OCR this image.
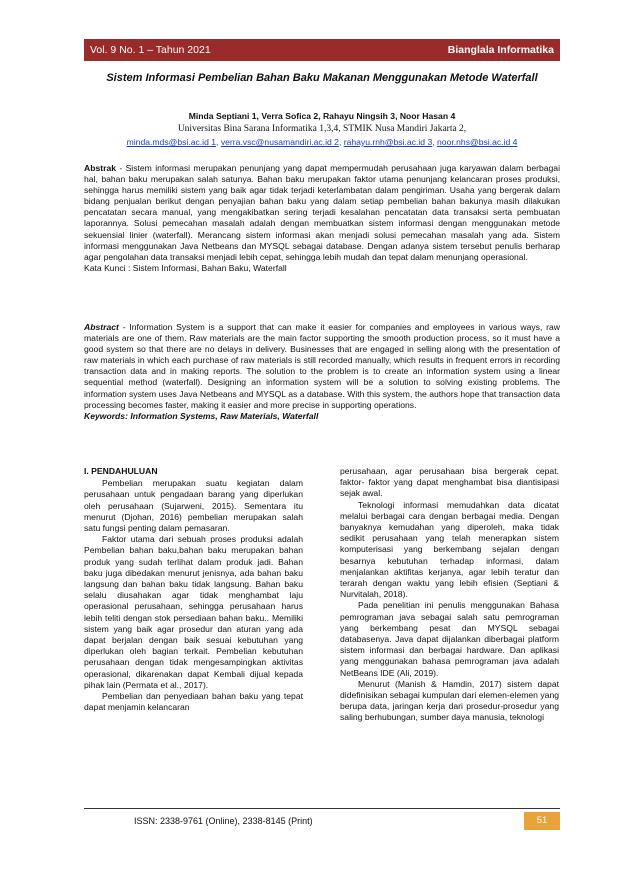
Vol. 9 No. 1 – Tahun 2021	Bianglala Informatika
Sistem Informasi Pembelian Bahan Baku Makanan Menggunakan Metode Waterfall
Minda Septiani 1, Verra Sofica 2, Rahayu Ningsih 3, Noor Hasan 4
Universitas Bina Sarana Informatika 1,3,4, STMIK Nusa Mandiri Jakarta 2,
minda.mds@bsi.ac.id 1, verra.vsc@nusamandiri.ac.id 2, rahayu.rnh@bsi.ac.id 3, noor.nhs@bsi.ac.id 4
Abstrak - Sistem informasi merupakan penunjang yang dapat mempermudah perusahaan juga karyawan dalam berbagai hal, bahan baku merupakan salah satunya. Bahan baku merupakan faktor utama penunjang kelancaran proses produksi, sehingga harus memiliki sistem yang baik agar tidak terjadi keterlambatan dalam pengiriman. Usaha yang bergerak dalam bidang penjualan berikut dengan penyajian bahan baku yang dalam setiap pembelian bahan bakunya masih dilakukan pencatatan secara manual, yang mengakibatkan sering terjadi kesalahan pencatatan data transaksi serta pembuatan laporannya. Solusi pemecahan masalah adalah dengan membuatkan sistem informasi dengan menggunakan metode sekuensial linier (waterfall). Merancang sistem informasi akan menjadi solusi pemecahan masalah yang ada. Sistem informasi menggunakan Java Netbeans dan MYSQL sebagai database. Dengan adanya sistem tersebut penulis berharap agar pengolahan data transaksi menjadi lebih cepat, sehingga lebih mudah dan tepat dalam menunjang operasional.
Kata Kunci : Sistem Informasi, Bahan Baku, Waterfall
Abstract - Information System is a support that can make it easier for companies and employees in various ways, raw materials are one of them. Raw materials are the main factor supporting the smooth production process, so it must have a good system so that there are no delays in delivery. Businesses that are engaged in selling along with the presentation of raw materials in which each purchase of raw materials is still recorded manually, which results in frequent errors in recording transaction data and in making reports. The solution to the problem is to create an information system using a linear sequential method (waterfall). Designing an information system will be a solution to solving existing problems. The information system uses Java Netbeans and MYSQL as a database. With this system, the authors hope that transaction data processing becomes faster, making it easier and more precise in supporting operations.
Keywords: Information Systems, Raw Materials, Waterfall
I. PENDAHULUAN

Pembelian merupakan suatu kegiatan dalam perusahaan untuk pengadaan barang yang diperlukan oleh perusahaan (Sujarweni, 2015). Sementara itu menurut (Djohan, 2016) pembelian merupakan salah satu fungsi penting dalam pemasaran.

Faktor utama dari sebuah proses produksi adalah Pembelian bahan baku,bahan baku merupakan bahan produk yang sudah terlihat dalam produk jadi. Bahan baku juga dibedakan menurut jenisnya, ada bahan baku langsung dan bahan baku tidak langsung. Bahan baku selalu diusahakan agar tidak menghambat laju operasional perusahaan, sehingga perusahaan harus lebih teliti dengan stok persediaan bahan baku.. Memiliki sistem yang baik agar prosedur dan aturan yang ada dapat berjalan dengan baik sesuai kebutuhan yang diperlukan oleh bagian terkait. Pembelian kebutuhan perusahaan dengan tidak mengesampingkan aktivitas operasional, dikarenakan dapat Kembali dijual kepada pihak lain (Permata et al., 2017).

Pembelian dan penyediaan bahan baku yang tepat dapat menjamin kelancaran

perusahaan, agar perusahaan bisa bergerak cepat. faktor- faktor yang dapat menghambat bisa diantisipasi sejak awal.

Teknologi informasi memudahkan data dicatat melalui berbagai cara dengan berbagai media. Dengan banyaknya kemudahan yang diperoleh, maka tidak sedikit perusahaan yang telah menerapkan sistem komputerisasi yang berkembang sejalan dengan besarnya kebutuhan terhadap informasi, dalam menjalankan aktifitas kerjanya, agar lebih teratur dan terarah dengan waktu yang lebih efisien (Septiani & Nurvitalah, 2018).

Pada penelitian ini penulis menggunakan Bahasa pemrograman java sebagai salah satu pemrograman yang berkembang pesat dan MYSQL sebagai databasenya. Java dapat dijalankan diberbagai platform sistem informasi dan berbagai hardware. Dan aplikasi yang menggunakan bahasa pemrograman java adalah NetBeans IDE (Ali, 2019).

Menurut (Manish & Hamdin, 2017) sistem dapat didefinisikan sebagai kumpulan dari elemen-elemen yang berupa data, jaringan kerja dari prosedur-prosedur yang saling berhubungan, sumber daya manusia, teknologi

ISSN: 2338-9761 (Online), 2338-8145 (Print)	51
